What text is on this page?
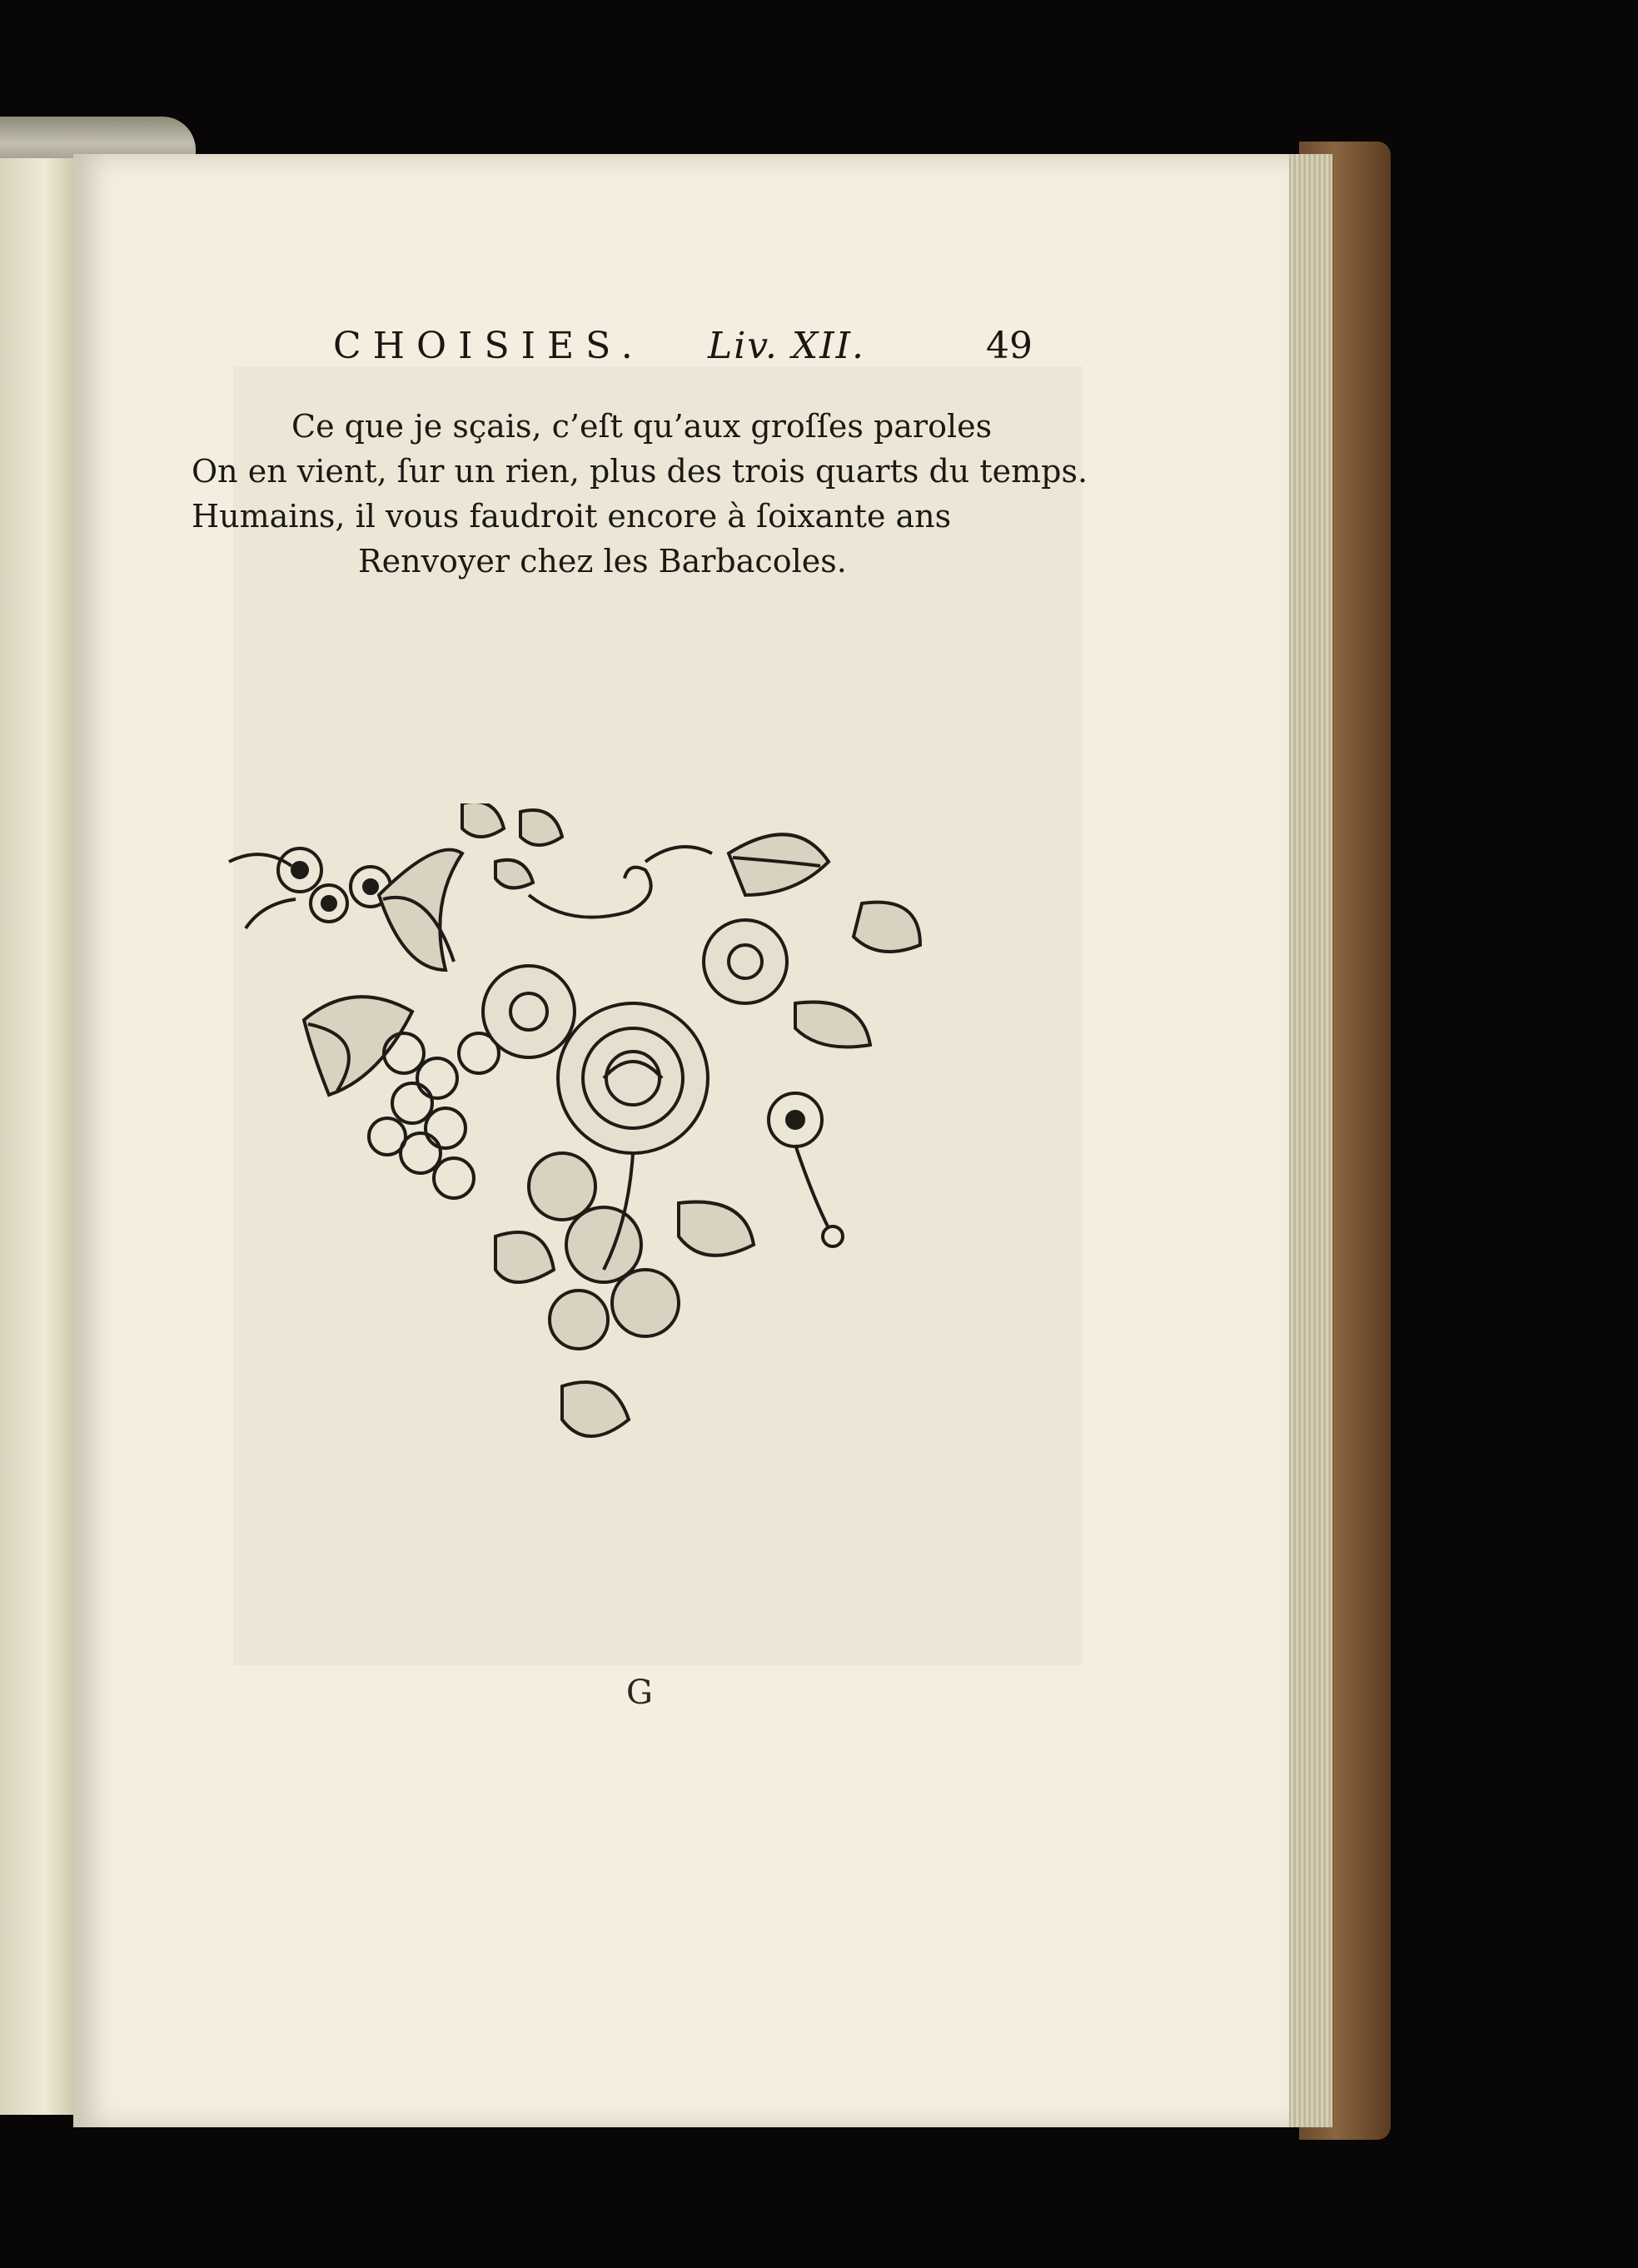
CHOISIES. Liv. XII.	49
Ce que je sçais, c’eſt qu’aux groſſes paroles
On en vient, ſur un rien, plus des trois quarts du temps.
Humains, il vous faudroit encore à ſoixante ans
Renvoyer chez les Barbacoles.
G
